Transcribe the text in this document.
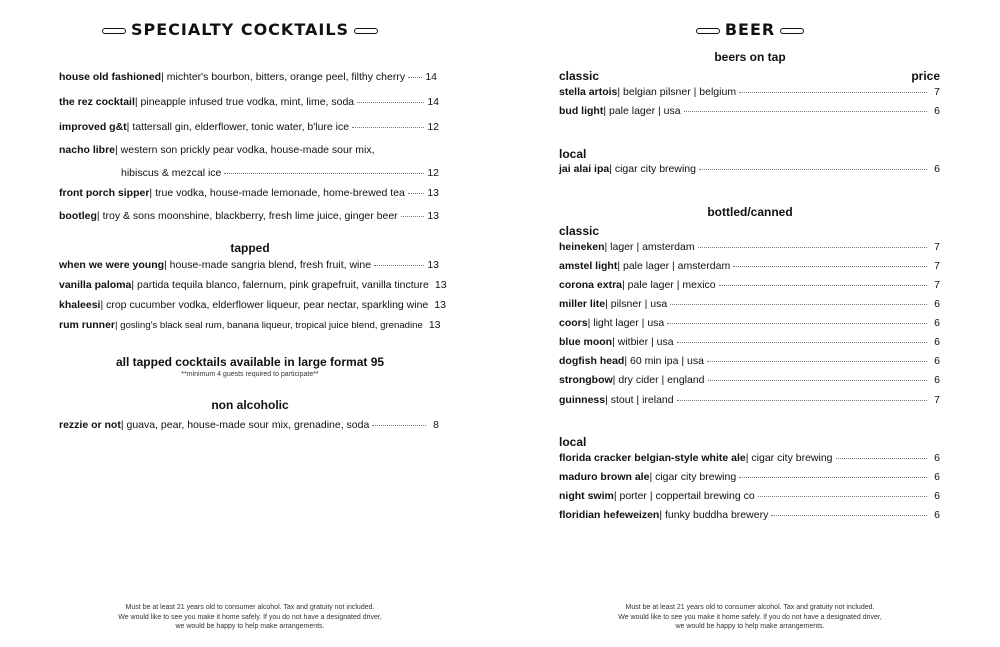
SPECIALTY COCKTAILS
house old fashioned | michter's bourbon, bitters, orange peel, filthy cherry 14
the rez cocktail | pineapple infused true vodka, mint, lime, soda	14
improved g&t | tattersall gin, elderflower, tonic water, b'lure ice	12
nacho libre | western son prickly pear vodka, house-made sour mix,
hibiscus & mezcal ice	12
front porch sipper | true vodka, house-made lemonade, home-brewed tea 13
bootleg | troy & sons moonshine, blackberry, fresh lime juice, ginger beer	13
tapped
when we were young | house-made sangria blend, fresh fruit, wine	13
vanilla paloma | partida tequila blanco, falernum, pink grapefruit, vanilla tincture 13
khaleesi | crop cucumber vodka, elderflower liqueur, pear nectar, sparkling wine 13
rum runner | gosling's black seal rum, banana liqueur, tropical juice blend, grenadine 13
all tapped cocktails available in large format 95
**minimum 4 guests required to participate**
non alcoholic
rezzie or not | guava, pear, house-made sour mix, grenadine, soda	8
Must be at least 21 years old to consumer alcohol. Tax and gratuity not included.
We would like to see you make it home safely. If you do not have a designated driver,
we would be happy to help make arrangements.
BEER
beers on tap
classic	price
stella artois | belgian pilsner | belgium	7
bud light | pale lager | usa	6
local
jai alai ipa | cigar city brewing	6
bottled/canned
classic
heineken | lager | amsterdam	7
amstel light | pale lager | amsterdam	7
corona extra | pale lager | mexico	7
miller lite | pilsner | usa	6
coors | light lager | usa	6
blue moon | witbier | usa	6
dogfish head | 60 min ipa | usa	6
strongbow | dry cider | england	6
guinness | stout | ireland	7
local
florida cracker belgian-style white ale | cigar city brewing	6
maduro brown ale | cigar city brewing	6
night swim | porter | coppertail brewing co	6
floridian hefeweizen | funky buddha brewery	6
Must be at least 21 years old to consumer alcohol. Tax and gratuity not included.
We would like to see you make it home safely. If you do not have a designated driver,
we would be happy to help make arrangements.
